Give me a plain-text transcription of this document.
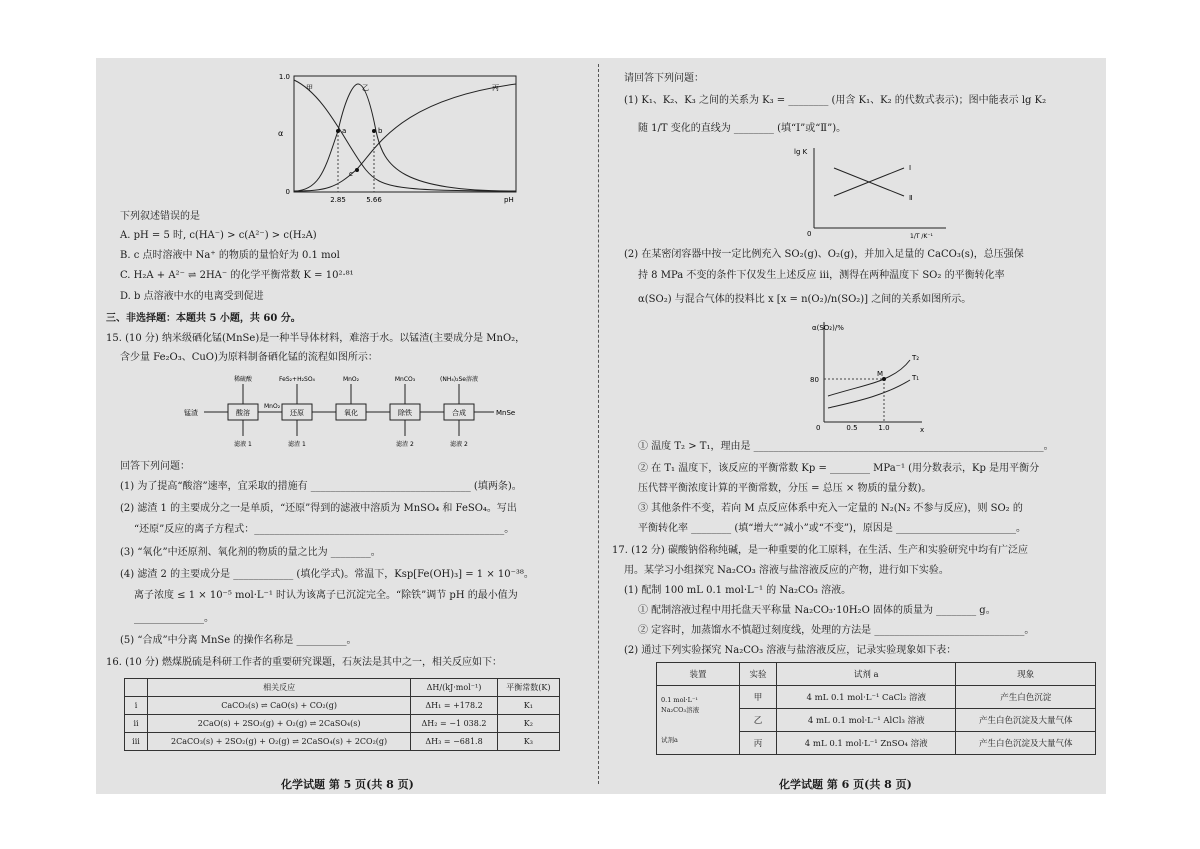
1.0
0
α
pH
2.85	5.66
a	b
c
甲	乙	丙
下列叙述错误的是
A. pH = 5 时, c(HA⁻) > c(A²⁻) > c(H₂A)
B. c 点时溶液中 Na⁺ 的物质的量恰好为 0.1 mol
C. H₂A + A²⁻ ⇌ 2HA⁻ 的化学平衡常数 K = 10²·⁸¹
D. b 点溶液中水的电离受到促进
三、非选择题：本题共 5 小题，共 60 分。
15. (10 分) 纳米级硒化锰(MnSe)是一种半导体材料，难溶于水。以锰渣(主要成分是 MnO₂，
含少量 Fe₂O₃、CuO)为原料制备硒化锰的流程如图所示：
锰渣	酸溶
MnO₂
还原	氧化	除铁	合成	MnSe
稀硫酸	FeS₂+H₂SO₄	MnO₂	MnCO₃	(NH₄)₂Se溶液
滤液 1	滤渣 1	滤渣 2	滤液 2
回答下列问题：
(1) 为了提高“酸溶”速率，宜采取的措施有 ________________________________ (填两条)。
(2) 滤渣 1 的主要成分之一是单质，“还原”得到的滤液中溶质为 MnSO₄ 和 FeSO₄。写出
“还原”反应的离子方程式：__________________________________________________。
(3) “氧化”中还原剂、氧化剂的物质的量之比为 ________。
(4) 滤渣 2 的主要成分是 ____________ (填化学式)。常温下，Ksp[Fe(OH)₃] = 1 × 10⁻³⁸。
离子浓度 ≤ 1 × 10⁻⁵ mol·L⁻¹ 时认为该离子已沉淀完全。“除铁”调节 pH 的最小值为
______________。
(5) “合成”中分离 MnSe 的操作名称是 __________。
16. (10 分) 燃煤脱硫是科研工作者的重要研究课题，石灰法是其中之一，相关反应如下：
	相关反应	ΔH/(kJ·mol⁻¹)	平衡常数(K)
i	CaCO₃(s) ⇌ CaO(s) + CO₂(g)	ΔH₁ = +178.2	K₁
ii	2CaO(s) + 2SO₂(g) + O₂(g) ⇌ 2CaSO₄(s)	ΔH₂ = −1 038.2	K₂
iii	2CaCO₃(s) + 2SO₂(g) + O₂(g) ⇌ 2CaSO₄(s) + 2CO₂(g)	ΔH₃ = −681.8	K₃
化学试题 第 5 页(共 8 页)
请回答下列问题：
(1) K₁、K₂、K₃ 之间的关系为 K₃ = ________ (用含 K₁、K₂ 的代数式表示)；图中能表示 lg K₂
随 1/T 变化的直线为 ________ (填“Ⅰ”或“Ⅱ”)。
lg K
1/T /K⁻¹
0
Ⅰ
Ⅱ
(2) 在某密闭容器中按一定比例充入 SO₂(g)、O₂(g)，并加入足量的 CaCO₃(s)，总压强保
持 8 MPa 不变的条件下仅发生上述反应 iii，测得在两种温度下 SO₂ 的平衡转化率
α(SO₂) 与混合气体的投料比 x [x = n(O₂)/n(SO₂)] 之间的关系如图所示。
α(SO₂)/%
x
0
80
0.5	1.0
M
T₂
T₁
① 温度 T₂ > T₁，理由是 __________________________________________________________。
② 在 T₁ 温度下，该反应的平衡常数 Kp = ________ MPa⁻¹ (用分数表示，Kp 是用平衡分
压代替平衡浓度计算的平衡常数，分压 = 总压 × 物质的量分数)。
③ 其他条件不变，若向 M 点反应体系中充入一定量的 N₂(N₂ 不参与反应)，则 SO₂ 的
平衡转化率 ________ (填“增大”“减小”或“不变”)，原因是 ________________________。
17. (12 分) 碳酸钠俗称纯碱，是一种重要的化工原料，在生活、生产和实验研究中均有广泛应
用。某学习小组探究 Na₂CO₃ 溶液与盐溶液反应的产物，进行如下实验。
(1) 配制 100 mL 0.1 mol·L⁻¹ 的 Na₂CO₃ 溶液。
① 配制溶液过程中用托盘天平称量 Na₂CO₃·10H₂O 固体的质量为 ________ g。
② 定容时，加蒸馏水不慎超过刻度线，处理的方法是 ______________________________。
(2) 通过下列实验探究 Na₂CO₃ 溶液与盐溶液反应，记录实验现象如下表：
装置	实验	试剂 a	现象
0.1 mol·L⁻¹
Na₂CO₃溶液

试剂a	甲	4 mL 0.1 mol·L⁻¹ CaCl₂ 溶液	产生白色沉淀
	乙	4 mL 0.1 mol·L⁻¹ AlCl₃ 溶液	产生白色沉淀及大量气体
	丙	4 mL 0.1 mol·L⁻¹ ZnSO₄ 溶液	产生白色沉淀及大量气体
化学试题 第 6 页(共 8 页)
